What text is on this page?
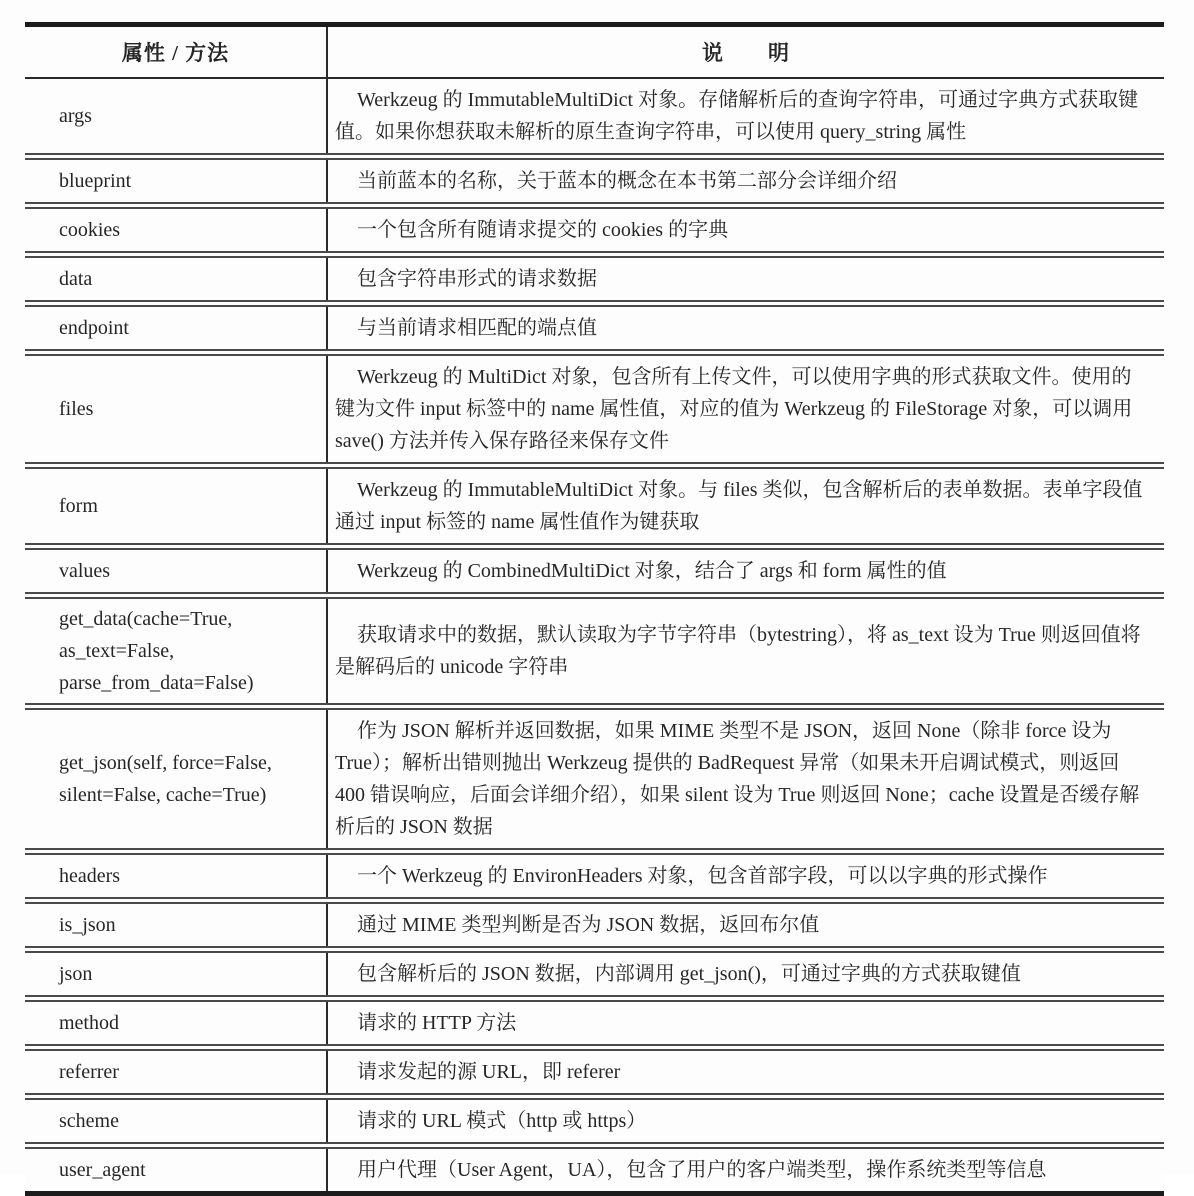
属性 / 方法	说　　明
args	Werkzeug 的 ImmutableMultiDict 对象。存储解析后的查询字符串，可通过字典方式获取键值。如果你想获取未解析的原生查询字符串，可以使用 query_string 属性
blueprint	当前蓝本的名称，关于蓝本的概念在本书第二部分会详细介绍
cookies	一个包含所有随请求提交的 cookies 的字典
data	包含字符串形式的请求数据
endpoint	与当前请求相匹配的端点值
files	Werkzeug 的 MultiDict 对象，包含所有上传文件，可以使用字典的形式获取文件。使用的键为文件 input 标签中的 name 属性值，对应的值为 Werkzeug 的 FileStorage 对象，可以调用 save() 方法并传入保存路径来保存文件
form	Werkzeug 的 ImmutableMultiDict 对象。与 files 类似，包含解析后的表单数据。表单字段值通过 input 标签的 name 属性值作为键获取
values	Werkzeug 的 CombinedMultiDict 对象，结合了 args 和 form 属性的值
get_data(cache=True, as_text=False, parse_from_data=False)	获取请求中的数据，默认读取为字节字符串（bytestring），将 as_text 设为 True 则返回值将是解码后的 unicode 字符串
get_json(self, force=False, silent=False, cache=True)	作为 JSON 解析并返回数据，如果 MIME 类型不是 JSON，返回 None（除非 force 设为 True）；解析出错则抛出 Werkzeug 提供的 BadRequest 异常（如果未开启调试模式，则返回 400 错误响应，后面会详细介绍），如果 silent 设为 True 则返回 None；cache 设置是否缓存解析后的 JSON 数据
headers	一个 Werkzeug 的 EnvironHeaders 对象，包含首部字段，可以以字典的形式操作
is_json	通过 MIME 类型判断是否为 JSON 数据，返回布尔值
json	包含解析后的 JSON 数据，内部调用 get_json()，可通过字典的方式获取键值
method	请求的 HTTP 方法
referrer	请求发起的源 URL，即 referer
scheme	请求的 URL 模式（http 或 https）
user_agent	用户代理（User Agent，UA），包含了用户的客户端类型，操作系统类型等信息
